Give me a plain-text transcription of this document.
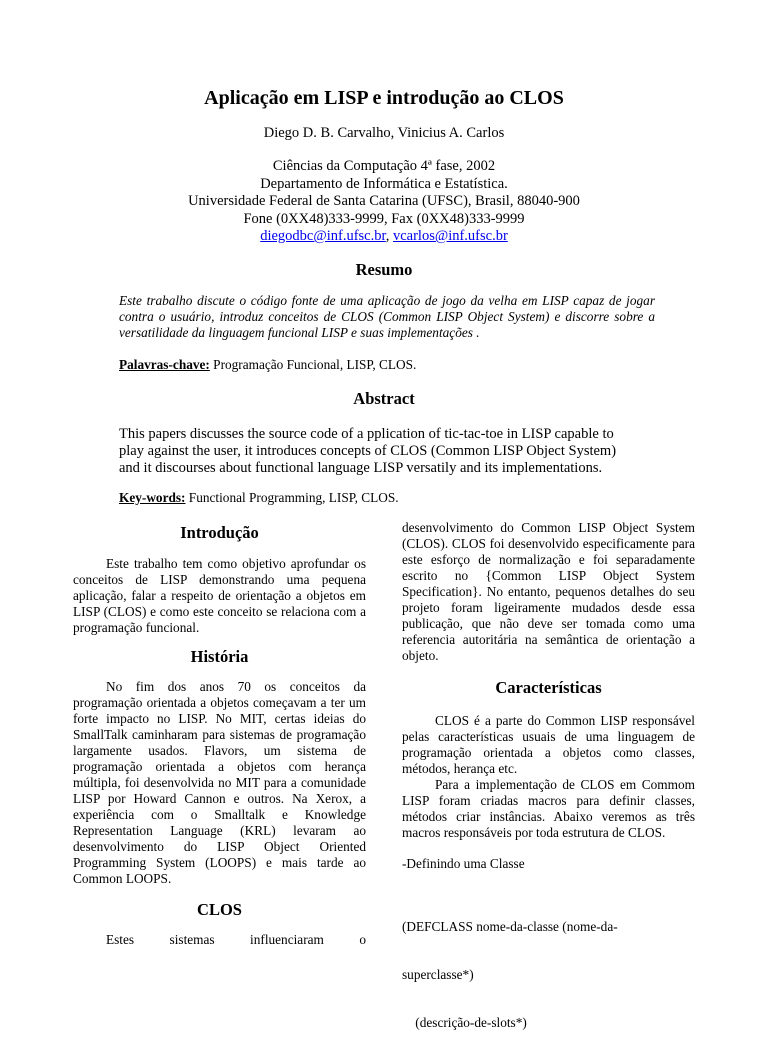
Aplicação em LISP e introdução ao CLOS
Diego D. B. Carvalho, Vinicius A. Carlos
Ciências da Computação 4ª fase, 2002
Departamento de Informática e Estatística.
Universidade Federal de Santa Catarina (UFSC), Brasil, 88040-900
Fone (0XX48)333-9999, Fax (0XX48)333-9999
diegodbc@inf.ufsc.br, vcarlos@inf.ufsc.br
Resumo
Este trabalho discute o código fonte de uma aplicação de jogo da velha em LISP capaz de jogar contra o usuário, introduz conceitos de CLOS (Common LISP Object System) e discorre sobre a versatilidade da linguagem funcional LISP e suas implementações .
Palavras-chave: Programação Funcional, LISP, CLOS.
Abstract
This papers discusses the source code of a pplication of tic-tac-toe in LISP capable to
play against the user, it introduces concepts of CLOS (Common LISP Object System)
and it discourses about functional language LISP versatily and its implementations.
Key-words: Functional Programming, LISP, CLOS.
Introdução

Este trabalho tem como objetivo aprofundar os conceitos de LISP demonstrando uma pequena aplicação, falar a respeito de orientação a objetos em LISP (CLOS) e como este conceito se relaciona com a programação funcional.

História

No fim dos anos 70 os conceitos da programação orientada a objetos começavam a ter um forte impacto no LISP. No MIT, certas ideias do SmallTalk caminharam para sistemas de programação largamente usados. Flavors, um sistema de programação orientada a objetos com herança múltipla, foi desenvolvida no MIT para a comunidade LISP por Howard Cannon e outros. Na Xerox, a experiência com o Smalltalk e Knowledge Representation Language (KRL) levaram ao desenvolvimento do LISP Object Oriented Programming System (LOOPS) e mais tarde ao Common LOOPS.

CLOS

Estes sistemas influenciaram o

desenvolvimento do Common LISP Object System (CLOS). CLOS foi desenvolvido especificamente para este esforço de normalização e foi separadamente escrito no {Common LISP Object System Specification}. No entanto, pequenos detalhes do seu projeto foram ligeiramente mudados desde essa publicação, que não deve ser tomada como uma referencia autoritária na semântica de orientação a objeto.

Características

CLOS é a parte do Common LISP responsável pelas características usuais de uma linguagem de programação orientada a objetos como classes, métodos, herança etc.

Para a implementação de CLOS em Commom LISP foram criadas macros para definir classes, métodos criar instâncias. Abaixo veremos as três macros responsáveis por toda estrutura de CLOS.

-Definindo uma Classe

(DEFCLASS nome-da-classe (nome-da-

superclasse*)

(descrição-de-slots*)
